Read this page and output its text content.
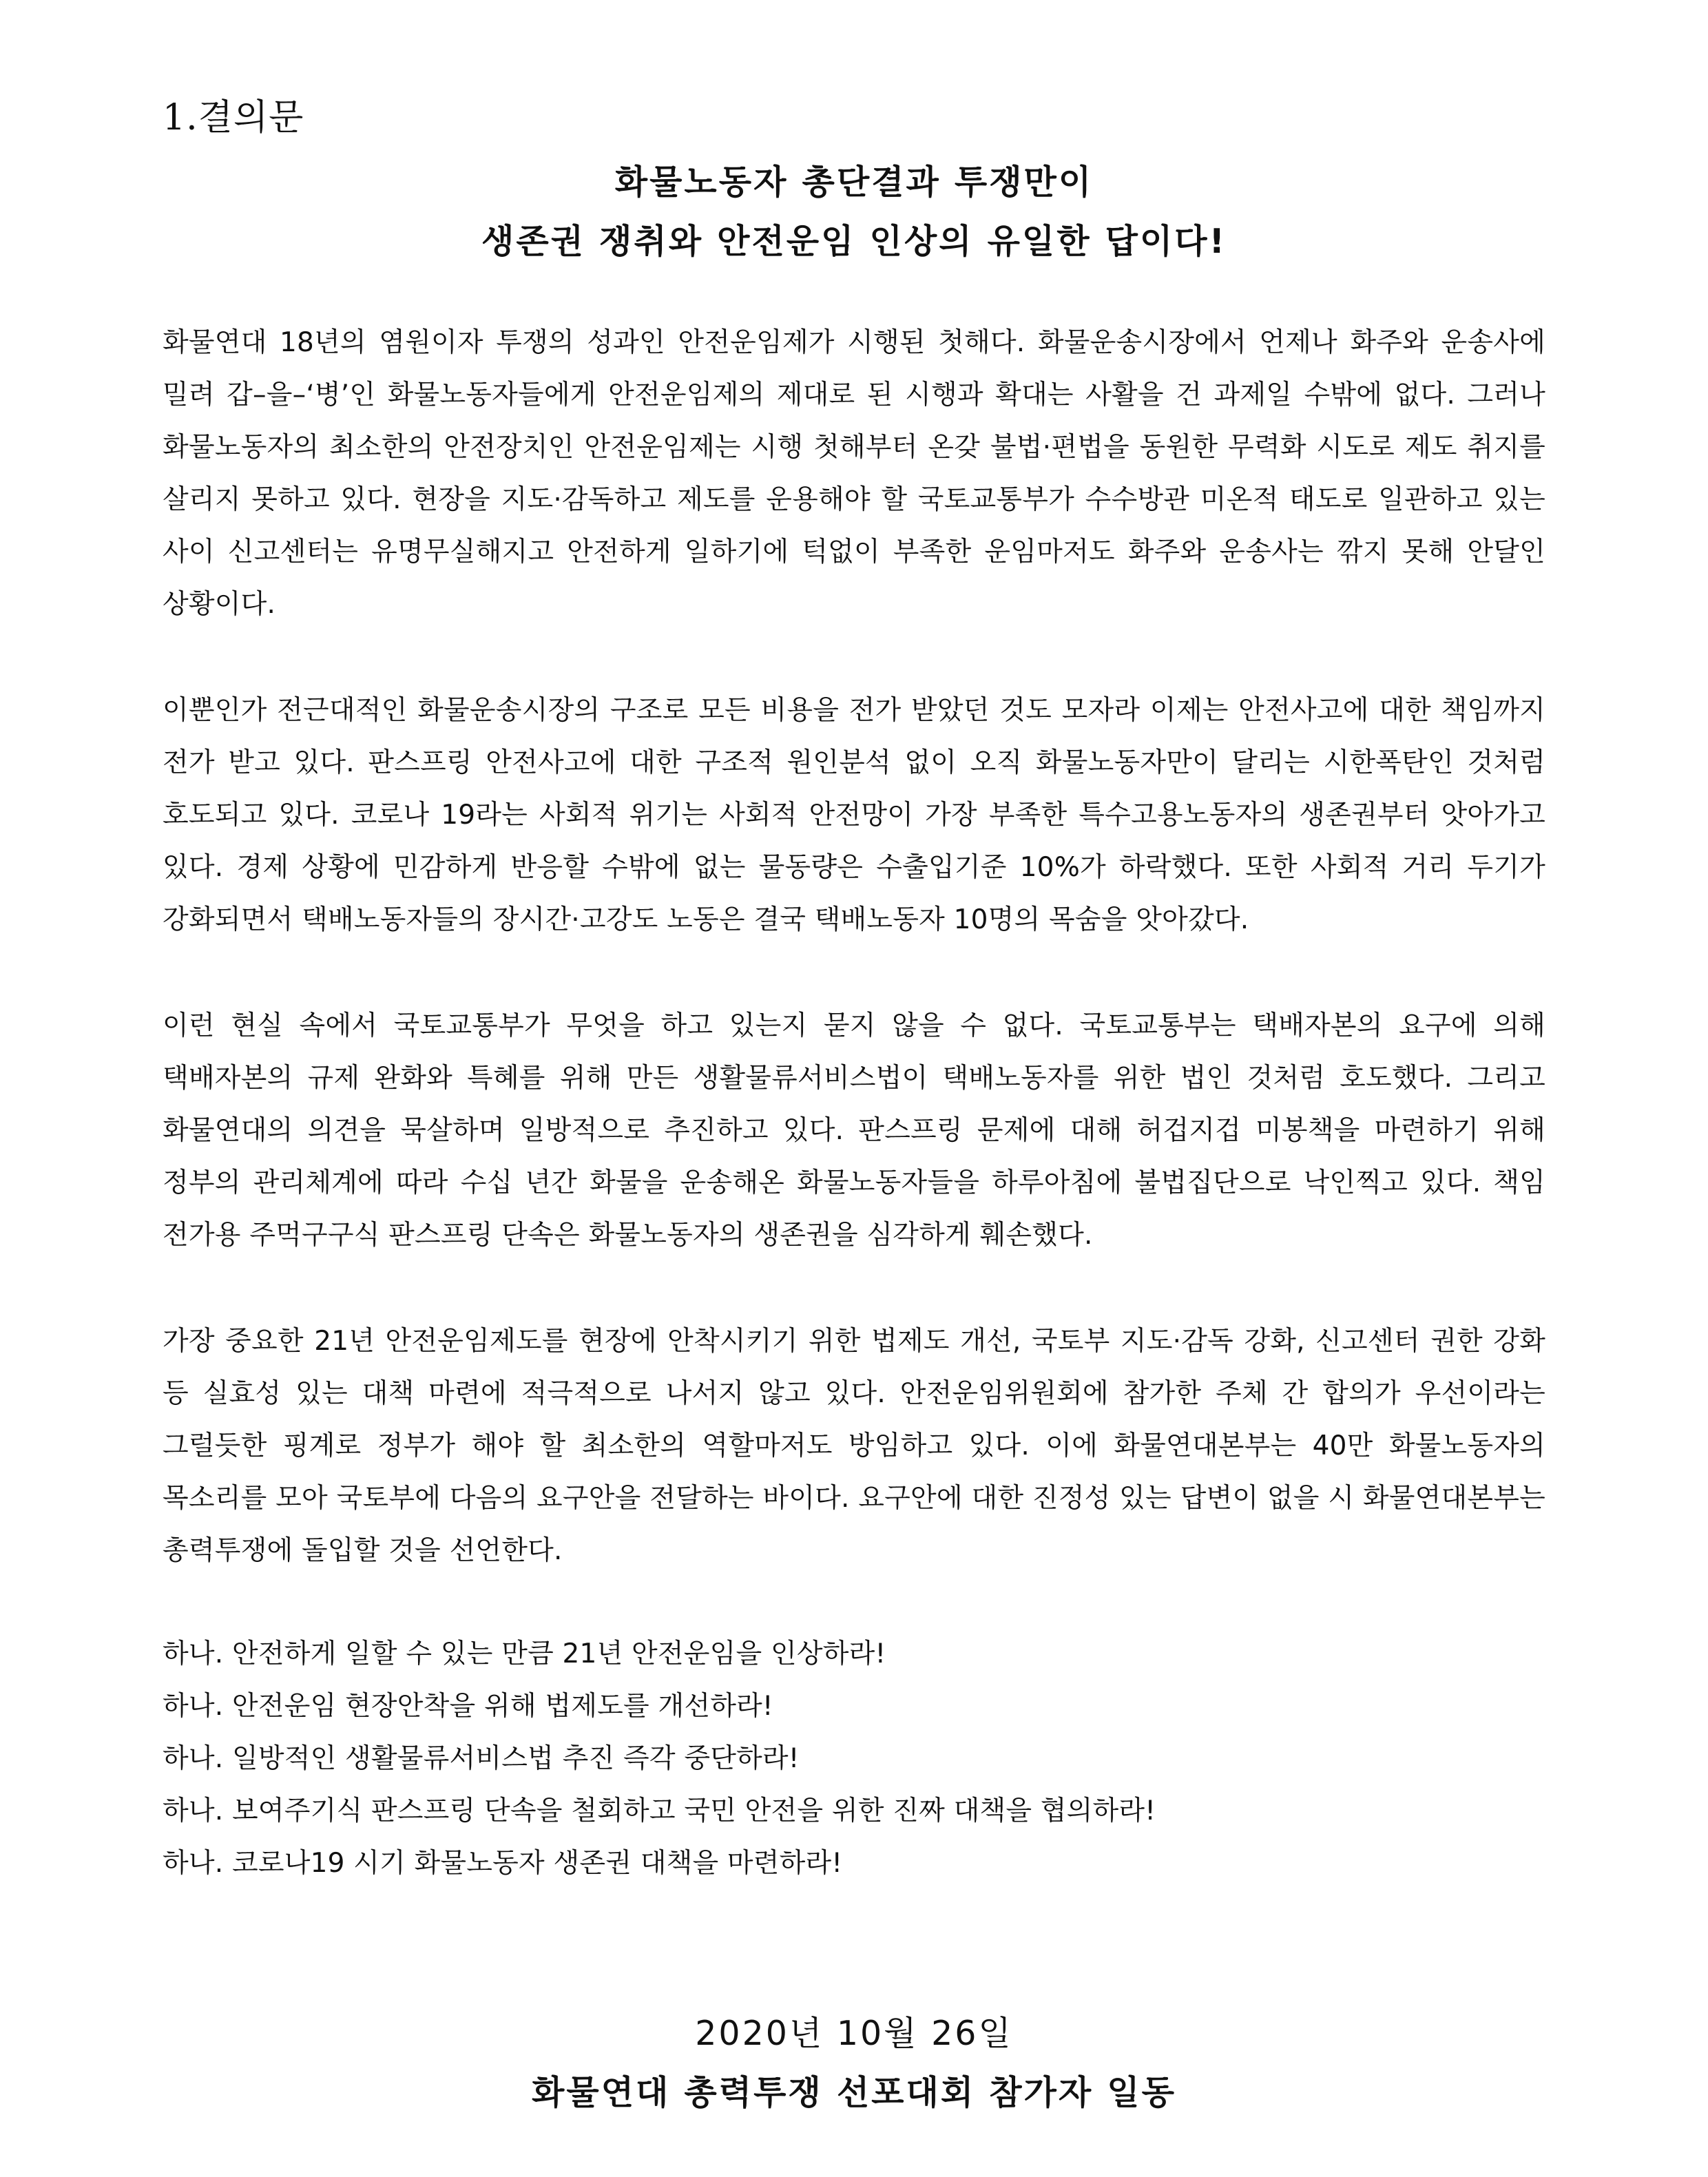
1.결의문
화물노동자 총단결과 투쟁만이
생존권 쟁취와 안전운임 인상의 유일한 답이다!

화물연대 18년의 염원이자 투쟁의 성과인 안전운임제가 시행된 첫해다. 화물운송시장에서 언제나 화주와 운송사에 밀려 갑–을–‘병’인 화물노동자들에게 안전운임제의 제대로 된 시행과 확대는 사활을 건 과제일 수밖에 없다. 그러나 화물노동자의 최소한의 안전장치인 안전운임제는 시행 첫해부터 온갖 불법·편법을 동원한 무력화 시도로 제도 취지를 살리지 못하고 있다. 현장을 지도·감독하고 제도를 운용해야 할 국토교통부가 수수방관 미온적 태도로 일관하고 있는 사이 신고센터는 유명무실해지고 안전하게 일하기에 턱없이 부족한 운임마저도 화주와 운송사는 깎지 못해 안달인 상황이다.

이뿐인가 전근대적인 화물운송시장의 구조로 모든 비용을 전가 받았던 것도 모자라 이제는 안전사고에 대한 책임까지 전가 받고 있다. 판스프링 안전사고에 대한 구조적 원인분석 없이 오직 화물노동자만이 달리는 시한폭탄인 것처럼 호도되고 있다. 코로나 19라는 사회적 위기는 사회적 안전망이 가장 부족한 특수고용노동자의 생존권부터 앗아가고 있다. 경제 상황에 민감하게 반응할 수밖에 없는 물동량은 수출입기준 10%가 하락했다. 또한 사회적 거리 두기가 강화되면서 택배노동자들의 장시간·고강도 노동은 결국 택배노동자 10명의 목숨을 앗아갔다.

이런 현실 속에서 국토교통부가 무엇을 하고 있는지 묻지 않을 수 없다. 국토교통부는 택배자본의 요구에 의해 택배자본의 규제 완화와 특혜를 위해 만든 생활물류서비스법이 택배노동자를 위한 법인 것처럼 호도했다. 그리고 화물연대의 의견을 묵살하며 일방적으로 추진하고 있다. 판스프링 문제에 대해 허겁지겁 미봉책을 마련하기 위해 정부의 관리체계에 따라 수십 년간 화물을 운송해온 화물노동자들을 하루아침에 불법집단으로 낙인찍고 있다. 책임 전가용 주먹구구식 판스프링 단속은 화물노동자의 생존권을 심각하게 훼손했다.

가장 중요한 21년 안전운임제도를 현장에 안착시키기 위한 법제도 개선, 국토부 지도·감독 강화, 신고센터 권한 강화 등 실효성 있는 대책 마련에 적극적으로 나서지 않고 있다. 안전운임위원회에 참가한 주체 간 합의가 우선이라는 그럴듯한 핑계로 정부가 해야 할 최소한의 역할마저도 방임하고 있다. 이에 화물연대본부는 40만 화물노동자의 목소리를 모아 국토부에 다음의 요구안을 전달하는 바이다. 요구안에 대한 진정성 있는 답변이 없을 시 화물연대본부는 총력투쟁에 돌입할 것을 선언한다.

하나. 안전하게 일할 수 있는 만큼 21년 안전운임을 인상하라!
하나. 안전운임 현장안착을 위해 법제도를 개선하라!
하나. 일방적인 생활물류서비스법 추진 즉각 중단하라!
하나. 보여주기식 판스프링 단속을 철회하고 국민 안전을 위한 진짜 대책을 협의하라!
하나. 코로나19 시기 화물노동자 생존권 대책을 마련하라!
2020년 10월 26일
화물연대 총력투쟁 선포대회 참가자 일동
